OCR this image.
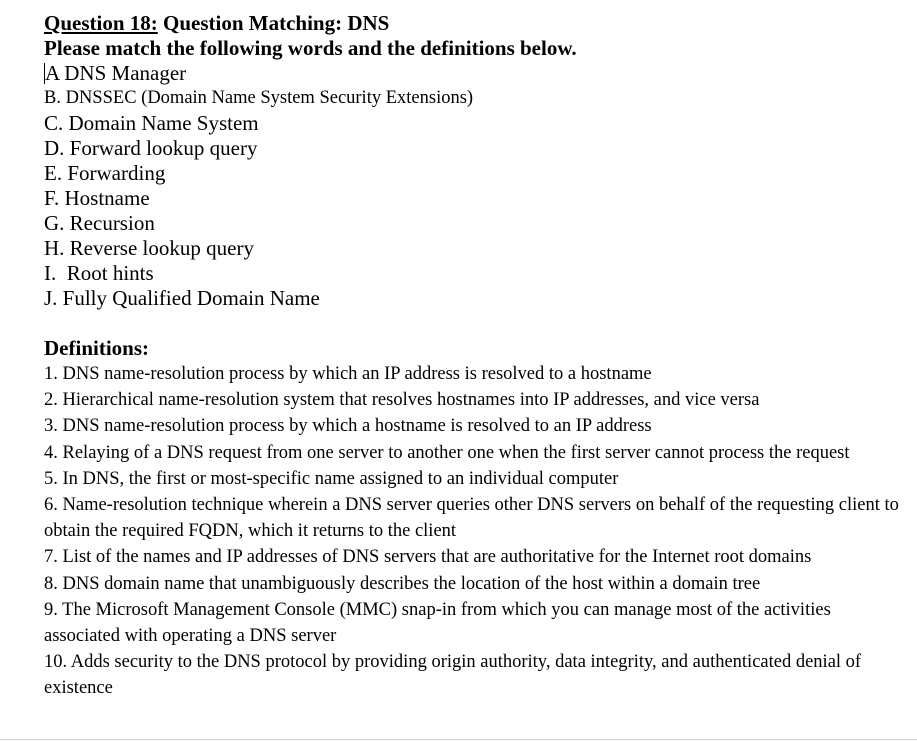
Question 18: Question Matching: DNS
Please match the following words and the definitions below.
A DNS Manager
B. DNSSEC (Domain Name System Security Extensions)
C. Domain Name System
D. Forward lookup query
E. Forwarding
F. Hostname
G. Recursion
H. Reverse lookup query
I.  Root hints
J. Fully Qualified Domain Name
Definitions:
1. DNS name-resolution process by which an IP address is resolved to a hostname
2. Hierarchical name-resolution system that resolves hostnames into IP addresses, and vice versa
3. DNS name-resolution process by which a hostname is resolved to an IP address
4. Relaying of a DNS request from one server to another one when the first server cannot process the request
5. In DNS, the first or most-specific name assigned to an individual computer
6. Name-resolution technique wherein a DNS server queries other DNS servers on behalf of the requesting client to obtain the required FQDN, which it returns to the client
7. List of the names and IP addresses of DNS servers that are authoritative for the Internet root domains
8. DNS domain name that unambiguously describes the location of the host within a domain tree
9. The Microsoft Management Console (MMC) snap-in from which you can manage most of the activities associated with operating a DNS server
10. Adds security to the DNS protocol by providing origin authority, data integrity, and authenticated denial of existence
